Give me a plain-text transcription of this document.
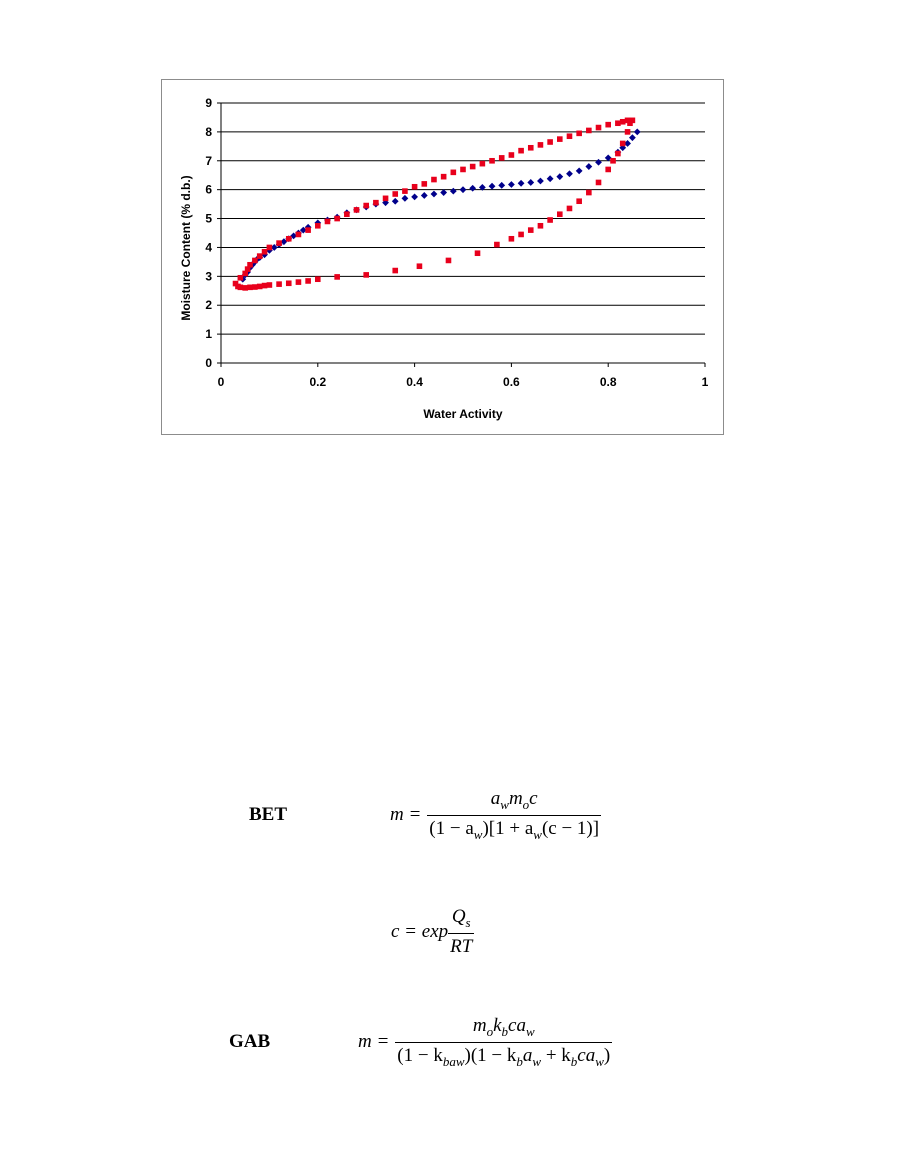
0
1
2
3
4
5
6
7
8
9
0	0.2	0.4	0.6	0.8	1
Water Activity
Moisture Content (% d.b.)
BET	$m = \frac{a_wm_oc}{(1 - a_w)[1 + a_w(c - 1)]}$
$c = \exp \frac{Q_s}{RT}$
GAB	$m = \frac{m_ok_bca_w}{(1 - k_{baw})(1 - k_ba_w + k_bca_w)}$
